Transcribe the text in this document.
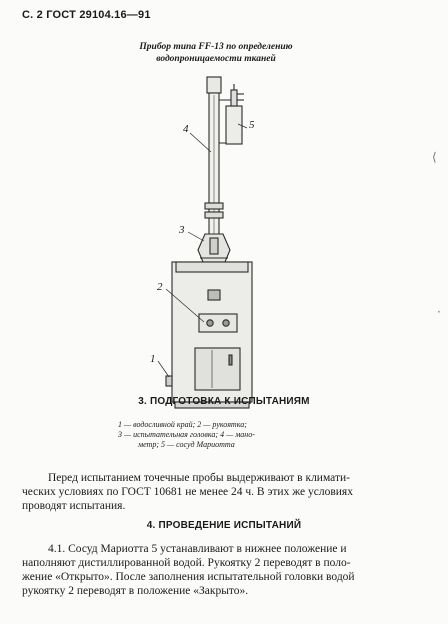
С. 2 ГОСТ 29104.16—91
Прибор типа FF-13 по определению
водопроницаемости тканей
4	5
3
2
1
1 — водосливной край; 2 — рукоятка;
3 — испытательная головка; 4 — мано-
метр; 5 — сосуд Мариотта
3. ПОДГОТОВКА К ИСПЫТАНИЯМ
Перед испытанием точечные пробы выдерживают в климати-
ческих условиях по ГОСТ 10681 не менее 24 ч. В этих же условиях
проводят испытания.
4. ПРОВЕДЕНИЕ ИСПЫТАНИЙ
4.1. Сосуд Мариотта 5 устанавливают в нижнее положение и
наполняют дистиллированной водой. Рукоятку 2 переводят в поло-
жение «Открыто». После заполнения испытательной головки водой
рукоятку 2 переводят в положение «Закрыто».
⟨
·
